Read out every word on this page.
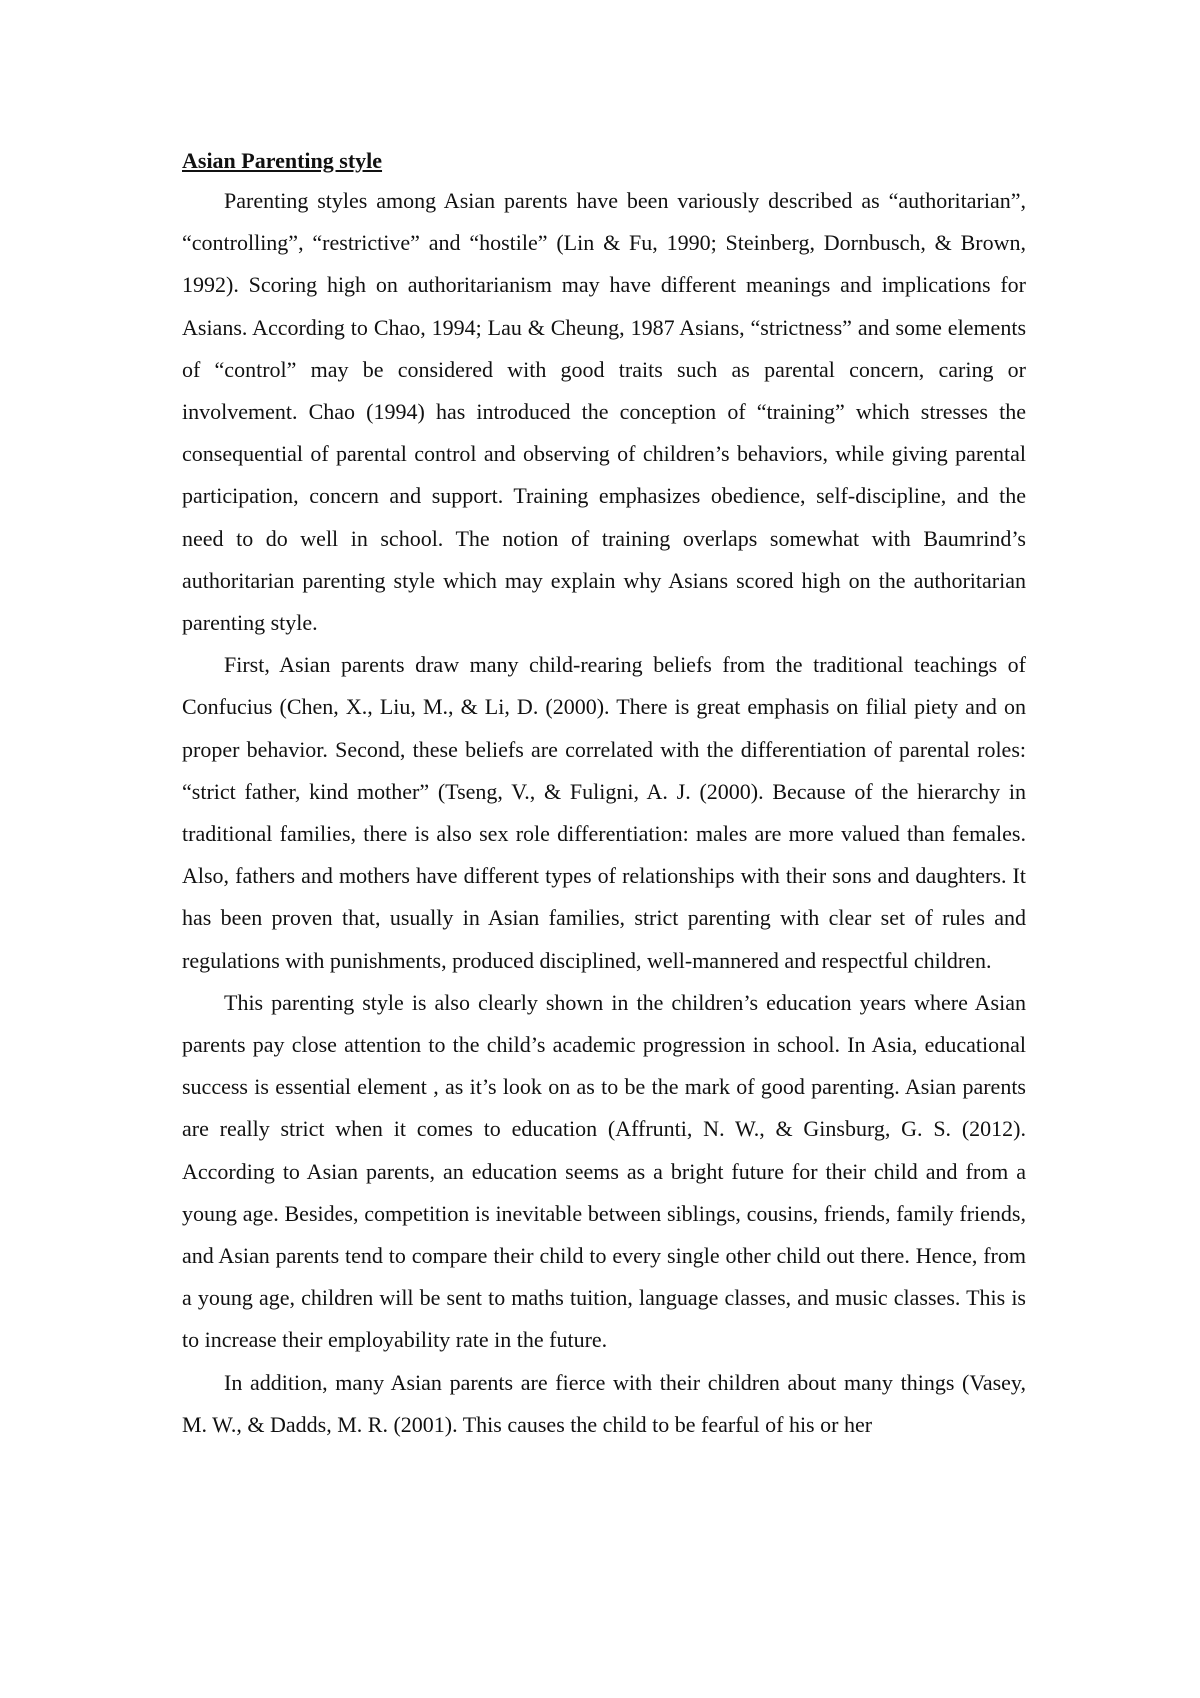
Asian Parenting style

Parenting styles among Asian parents have been variously described as “authoritarian”, “controlling”, “restrictive” and “hostile” (Lin & Fu, 1990; Steinberg, Dornbusch, & Brown, 1992). Scoring high on authoritarianism may have different meanings and implications for Asians. According to Chao, 1994; Lau & Cheung, 1987 Asians, “strictness” and some elements of “control” may be considered with good traits such as parental concern, caring or involvement. Chao (1994) has introduced the conception of “training” which stresses the consequential of parental control and observing of children’s behaviors, while giving parental participation, concern and support. Training emphasizes obedience, self-discipline, and the need to do well in school. The notion of training overlaps somewhat with Baumrind’s authoritarian parenting style which may explain why Asians scored high on the authoritarian parenting style.

First, Asian parents draw many child-rearing beliefs from the traditional teachings of Confucius (Chen, X., Liu, M., & Li, D. (2000). There is great emphasis on filial piety and on proper behavior. Second, these beliefs are correlated with the differentiation of parental roles: “strict father, kind mother” (Tseng, V., & Fuligni, A. J. (2000). Because of the hierarchy in traditional families, there is also sex role differentiation: males are more valued than females. Also, fathers and mothers have different types of relationships with their sons and daughters. It has been proven that, usually in Asian families, strict parenting with clear set of rules and regulations with punishments, produced disciplined, well-mannered and respectful children.

This parenting style is also clearly shown in the children’s education years where Asian parents pay close attention to the child’s academic progression in school. In Asia, educational success is essential element , as it’s look on as to be the mark of good parenting. Asian parents are really strict when it comes to education (Affrunti, N. W., & Ginsburg, G. S. (2012). According to Asian parents, an education seems as a bright future for their child and from a young age. Besides, competition is inevitable between siblings, cousins, friends, family friends, and Asian parents tend to compare their child to every single other child out there. Hence, from a young age, children will be sent to maths tuition, language classes, and music classes. This is to increase their employability rate in the future.

In addition, many Asian parents are fierce with their children about many things (Vasey, M. W., & Dadds, M. R. (2001). This causes the child to be fearful of his or her
